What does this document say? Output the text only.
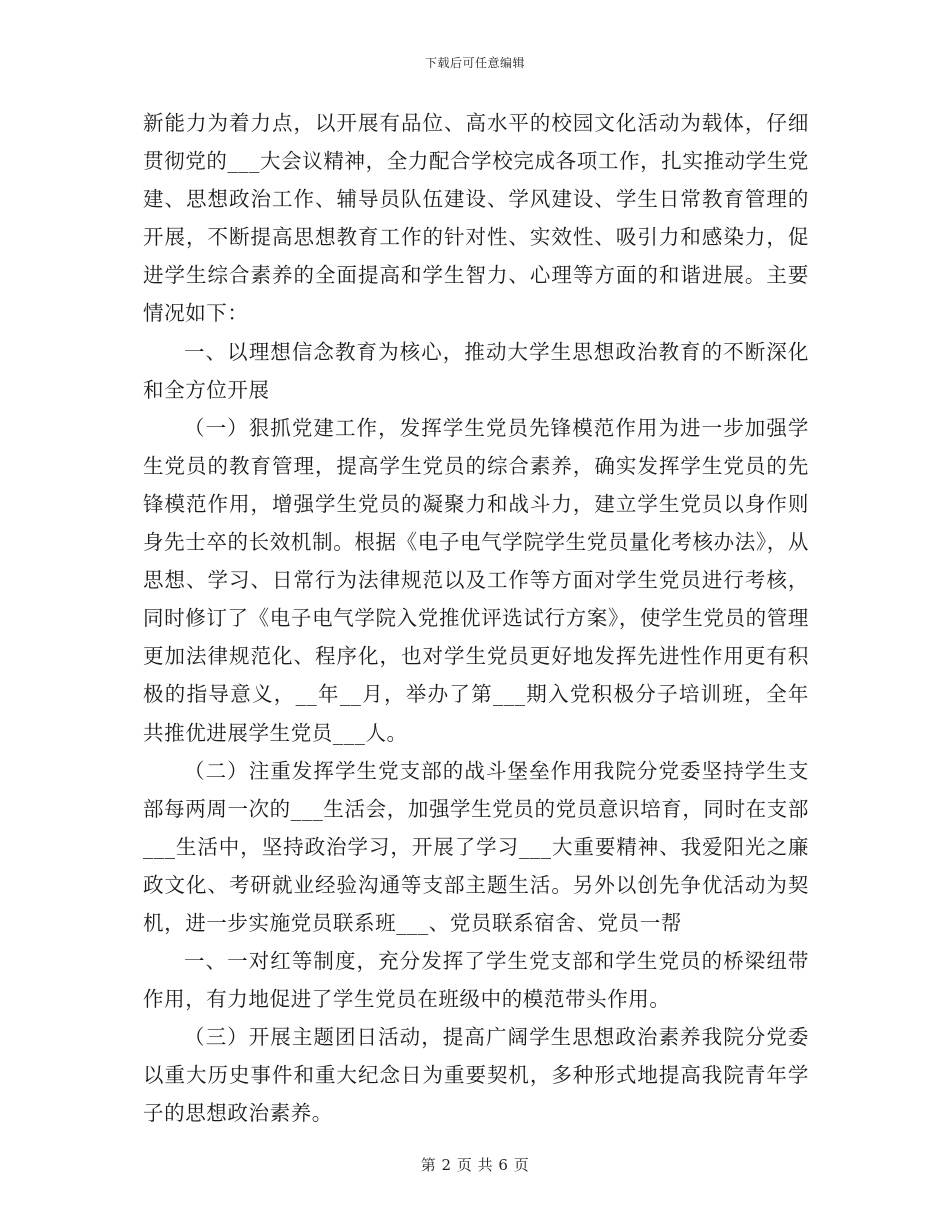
下载后可任意编辑

新能力为着力点，以开展有品位、高水平的校园文化活动为载体，仔细贯彻党的___大会议精神，全力配合学校完成各项工作，扎实推动学生党建、思想政治工作、辅导员队伍建设、学风建设、学生日常教育管理的开展，不断提高思想教育工作的针对性、实效性、吸引力和感染力，促进学生综合素养的全面提高和学生智力、心理等方面的和谐进展。主要情况如下：

一、以理想信念教育为核心，推动大学生思想政治教育的不断深化和全方位开展

（一）狠抓党建工作，发挥学生党员先锋模范作用为进一步加强学生党员的教育管理，提高学生党员的综合素养，确实发挥学生党员的先锋模范作用，增强学生党员的凝聚力和战斗力，建立学生党员以身作则身先士卒的长效机制。根据《电子电气学院学生党员量化考核办法》，从思想、学习、日常行为法律规范以及工作等方面对学生党员进行考核，同时修订了《电子电气学院入党推优评选试行方案》，使学生党员的管理更加法律规范化、程序化，也对学生党员更好地发挥先进性作用更有积极的指导意义，__年__月，举办了第___期入党积极分子培训班，全年共推优进展学生党员___人。

（二）注重发挥学生党支部的战斗堡垒作用我院分党委坚持学生支部每两周一次的___生活会，加强学生党员的党员意识培育，同时在支部___生活中，坚持政治学习，开展了学习___大重要精神、我爱阳光之廉政文化、考研就业经验沟通等支部主题生活。另外以创先争优活动为契机，进一步实施党员联系班___、党员联系宿舍、党员一帮

一、一对红等制度，充分发挥了学生党支部和学生党员的桥梁纽带作用，有力地促进了学生党员在班级中的模范带头作用。

（三）开展主题团日活动，提高广阔学生思想政治素养我院分党委以重大历史事件和重大纪念日为重要契机，多种形式地提高我院青年学子的思想政治素养。

第 2 页 共 6 页
